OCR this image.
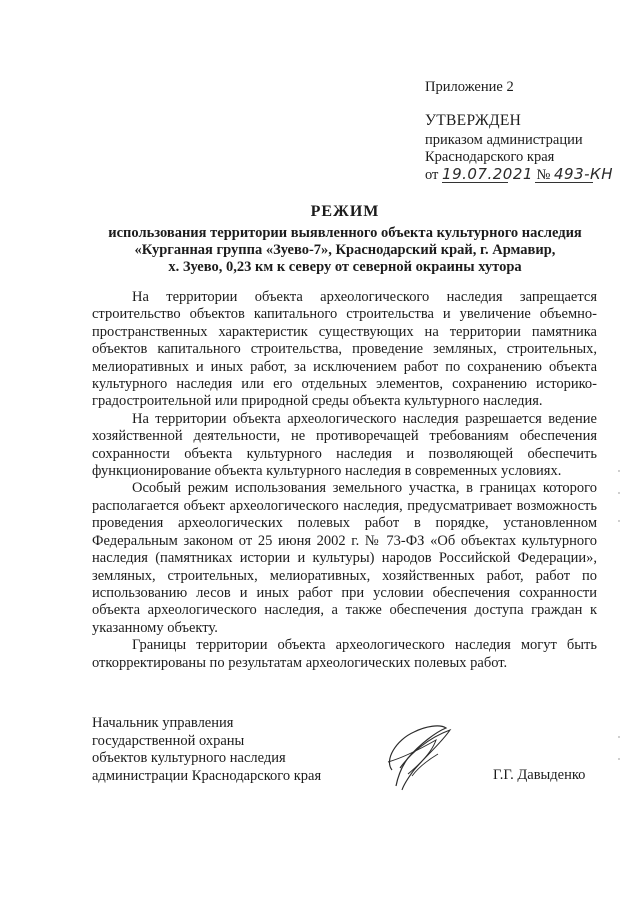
Приложение 2
УТВЕРЖДЕН
приказом администрации
Краснодарского края
от 19.07.2021 № 493-КН
РЕЖИМ
использования территории выявленного объекта культурного наследия
«Курганная группа «Зуево-7», Краснодарский край, г. Армавир,
х. Зуево, 0,23 км к северу от северной окраины хутора

На территории объекта археологического наследия запрещается строительство объектов капитального строительства и увеличение объемно-пространственных характеристик существующих на территории памятника объектов капитального строительства, проведение земляных, строительных, мелиоративных и иных работ, за исключением работ по сохранению объекта культурного наследия или его отдельных элементов, сохранению историко-градостроительной или природной среды объекта культурного наследия.

На территории объекта археологического наследия разрешается ведение хозяйственной деятельности, не противоречащей требованиям обеспечения сохранности объекта культурного наследия и позволяющей обеспечить функционирование объекта культурного наследия в современных условиях.

Особый режим использования земельного участка, в границах которого располагается объект археологического наследия, предусматривает возможность проведения археологических полевых работ в порядке, установленном Федеральным законом от 25 июня 2002 г. № 73-ФЗ «Об объектах культурного наследия (памятниках истории и культуры) народов Российской Федерации», земляных, строительных, мелиоративных, хозяйственных работ, работ по использованию лесов и иных работ при условии обеспечения сохранности объекта археологического наследия, а также обеспечения доступа граждан к указанному объекту.

Границы территории объекта археологического наследия могут быть откорректированы по результатам археологических полевых работ.

Начальник управления
государственной охраны
объектов культурного наследия
администрации Краснодарского края	Г.Г. Давыденко
